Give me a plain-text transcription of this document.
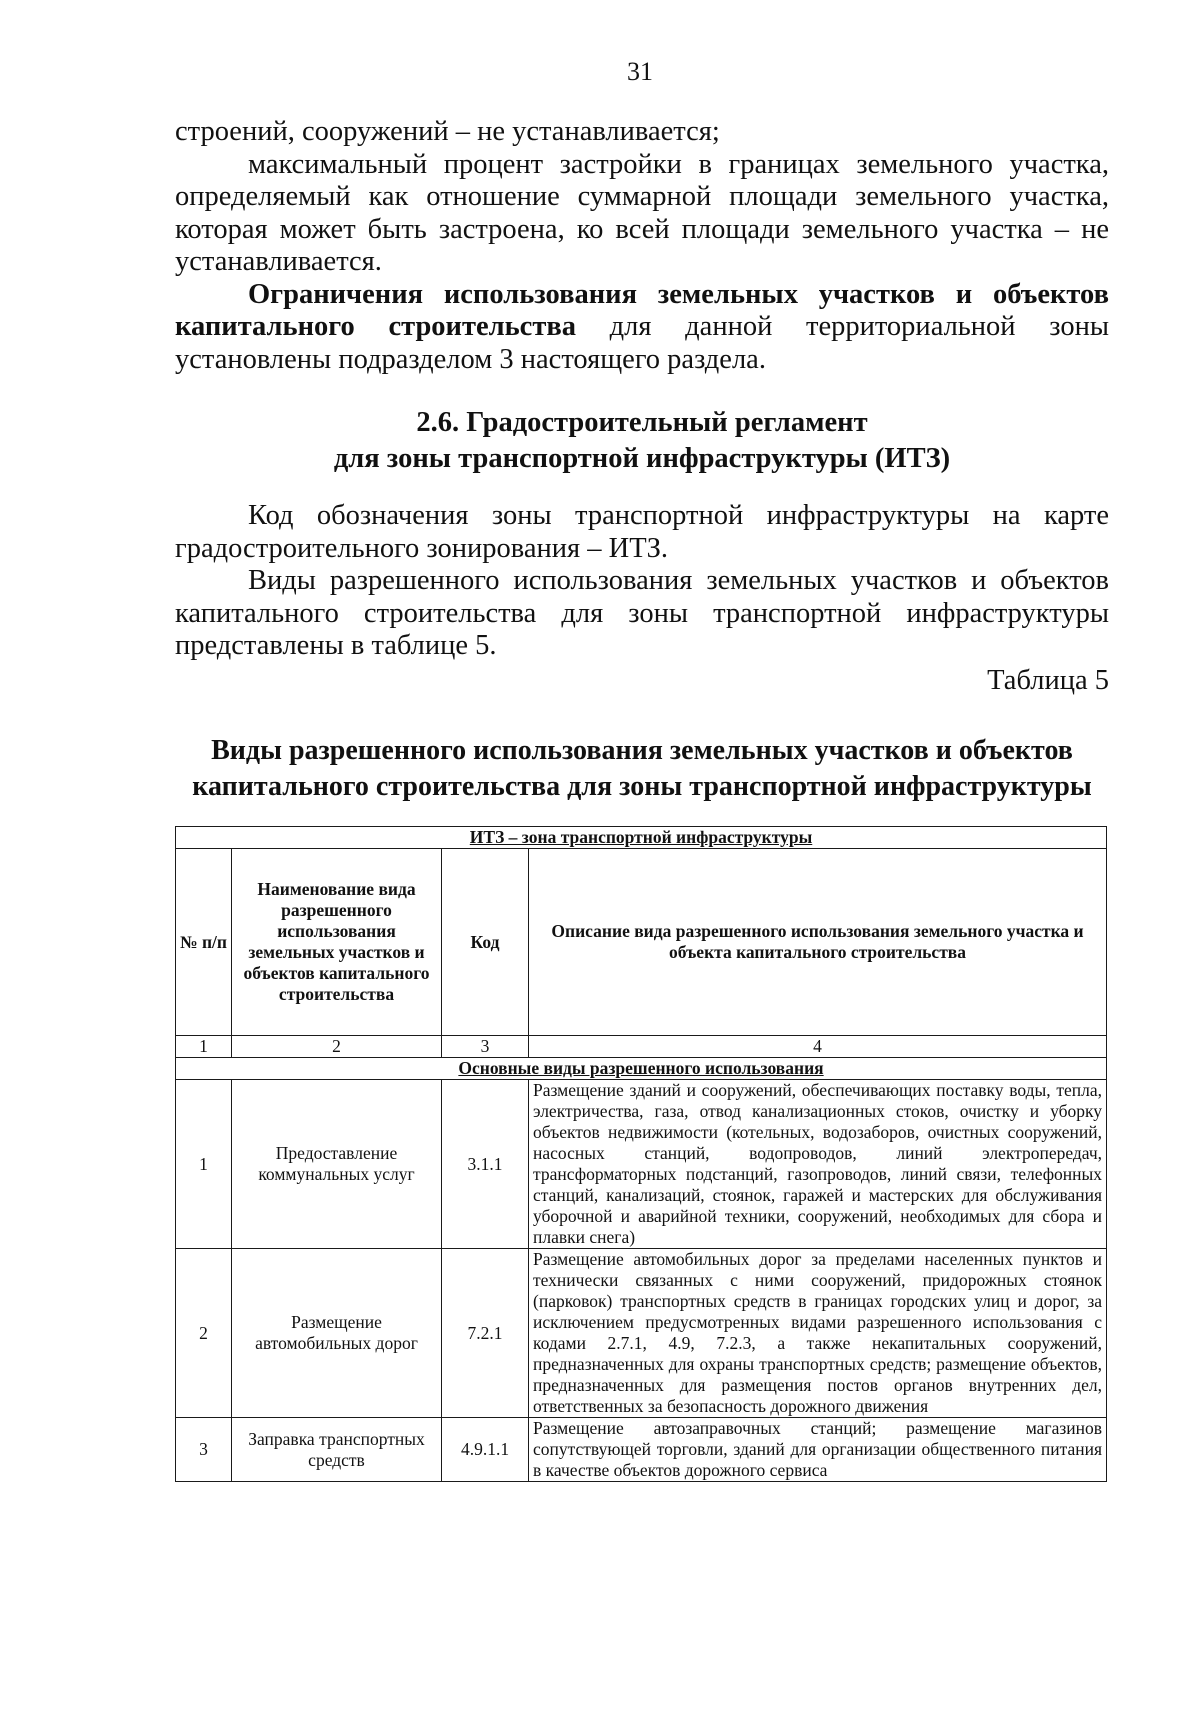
31

строений, сооружений – не устанавливается;

максимальный процент застройки в границах земельного участка, определяемый как отношение суммарной площади земельного участка, которая может быть застроена, ко всей площади земельного участка – не устанавливается.

Ограничения использования земельных участков и объектов капитального строительства для данной территориальной зоны установлены подразделом 3 настоящего раздела.

2.6. Градостроительный регламент
для зоны транспортной инфраструктуры (ИТЗ)

Код обозначения зоны транспортной инфраструктуры на карте градостроительного зонирования – ИТЗ.

Виды разрешенного использования земельных участков и объектов капитального строительства для зоны транспортной инфраструктуры представлены в таблице 5.

Таблица 5
Виды разрешенного использования земельных участков и объектов
капитального строительства для зоны транспортной инфраструктуры
ИТЗ – зона транспортной инфраструктуры			
№ п/п	Наименование вида разрешенного использования земельных участков и объектов капитального строительства	Код	Описание вида разрешенного использования земельного участка и объекта капитального строительства
1	2	3	4
Основные виды разрешенного использования			
1	Предоставление коммунальных услуг	3.1.1	Размещение зданий и сооружений, обеспечивающих поставку воды, тепла, электричества, газа, отвод канализационных стоков, очистку и уборку объектов недвижимости (котельных, водозаборов, очистных сооружений, насосных станций, водопроводов, линий электропередач, трансформаторных подстанций, газопроводов, линий связи, телефонных станций, канализаций, стоянок, гаражей и мастерских для обслуживания уборочной и аварийной техники, сооружений, необходимых для сбора и плавки снега)
2	Размещение автомобильных дорог	7.2.1	Размещение автомобильных дорог за пределами населенных пунктов и технически связанных с ними сооружений, придорожных стоянок (парковок) транспортных средств в границах городских улиц и дорог, за исключением предусмотренных видами разрешенного использования с кодами 2.7.1, 4.9, 7.2.3, а также некапитальных сооружений, предназначенных для охраны транспортных средств; размещение объектов, предназначенных для размещения постов органов внутренних дел, ответственных за безопасность дорожного движения
3	Заправка транспортных средств	4.9.1.1	Размещение автозаправочных станций; размещение магазинов сопутствующей торговли, зданий для организации общественного питания в качестве объектов дорожного сервиса
